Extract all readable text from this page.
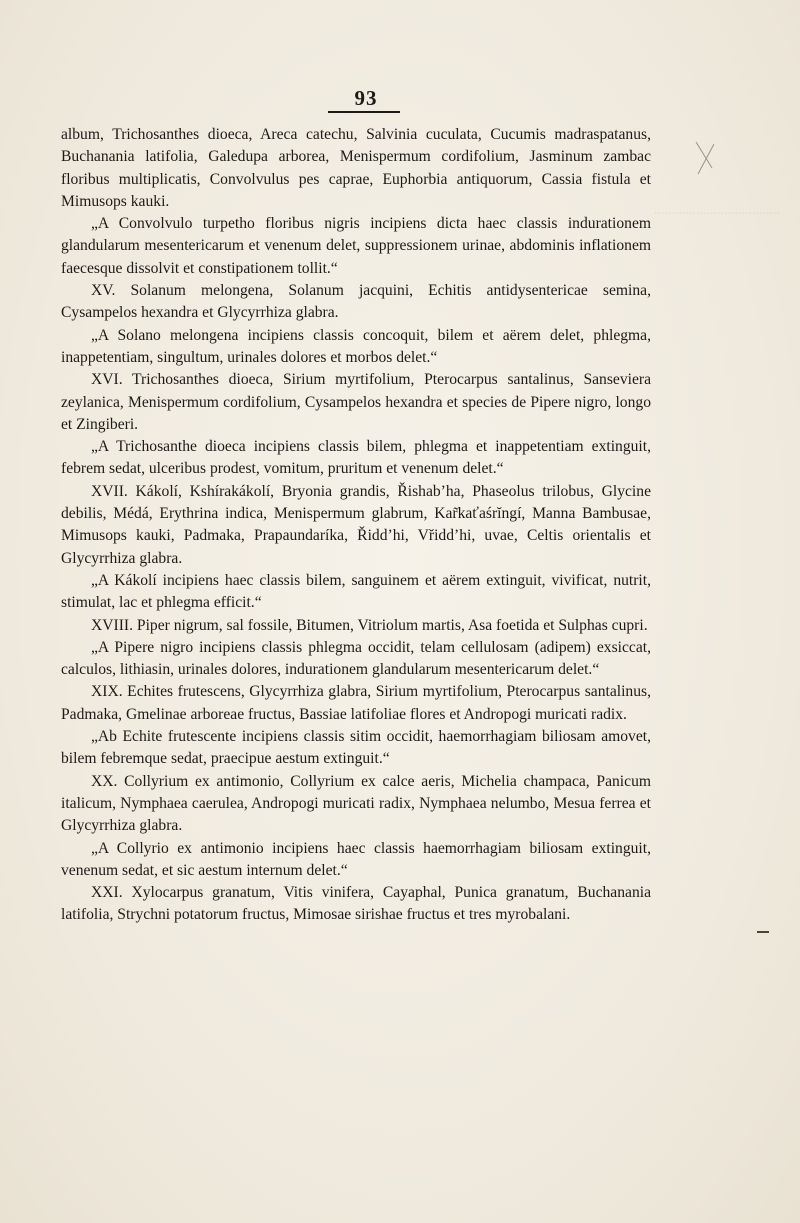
....................................
93

album, Trichosanthes dioeca, Areca catechu, Salvinia cuculata, Cucumis madraspatanus, Buchanania latifolia, Galedupa arborea, Menispermum cordifolium, Jasminum zambac floribus multiplicatis, Convolvulus pes caprae, Euphorbia antiquorum, Cassia fistula et Mimusops kauki.

„A Convolvulo turpetho floribus nigris incipiens dicta haec classis indurationem glandularum mesentericarum et venenum delet, suppressionem urinae, abdominis inflationem faecesque dissolvit et constipationem tollit.“

XV. Solanum melongena, Solanum jacquini, Echitis antidysentericae semina, Cysampelos hexandra et Glycyrrhiza glabra.

„A Solano melongena incipiens classis concoquit, bilem et aërem delet, phlegma, inappetentiam, singultum, urinales dolores et morbos delet.“

XVI. Trichosanthes dioeca, Sirium myrtifolium, Pterocarpus santalinus, Sanseviera zeylanica, Menispermum cordifolium, Cysampelos hexandra et species de Pipere nigro, longo et Zingiberi.

„A Trichosanthe dioeca incipiens classis bilem, phlegma et inappetentiam extinguit, febrem sedat, ulceribus prodest, vomitum, pruritum et venenum delet.“

XVII. Kákolí, Kshírakákolí, Bryonia grandis, Řishab’ha, Phaseolus trilobus, Glycine debilis, Médá, Erythrina indica, Menispermum glabrum, Kar̃kaťaśrĭngí, Manna Bambusae, Mimusops kauki, Padmaka, Prapaundaríka, Řidd’hi, Vřidd’hi, uvae, Celtis orientalis et Glycyrrhiza glabra.

„A Kákolí incipiens haec classis bilem, sanguinem et aërem extinguit, vivificat, nutrit, stimulat, lac et phlegma efficit.“

XVIII. Piper nigrum, sal fossile, Bitumen, Vitriolum martis, Asa foetida et Sulphas cupri.

„A Pipere nigro incipiens classis phlegma occidit, telam cellulosam (adipem) exsiccat, calculos, lithiasin, urinales dolores, indurationem glandularum mesentericarum delet.“

XIX. Echites frutescens, Glycyrrhiza glabra, Sirium myrtifolium, Pterocarpus santalinus, Padmaka, Gmelinae arboreae fructus, Bassiae latifoliae flores et Andropogi muricati radix.

„Ab Echite frutescente incipiens classis sitim occidit, haemorrhagiam biliosam amovet, bilem febremque sedat, praecipue aestum extinguit.“

XX. Collyrium ex antimonio, Collyrium ex calce aeris, Michelia champaca, Panicum italicum, Nymphaea caerulea, Andropogi muricati radix, Nymphaea nelumbo, Mesua ferrea et Glycyrrhiza glabra.

„A Collyrio ex antimonio incipiens haec classis haemorrhagiam biliosam extinguit, venenum sedat, et sic aestum internum delet.“

XXI. Xylocarpus granatum, Vitis vinifera, Cayaphal, Punica granatum, Buchanania latifolia, Strychni potatorum fructus, Mimosae sirishae fructus et tres myrobalani.
